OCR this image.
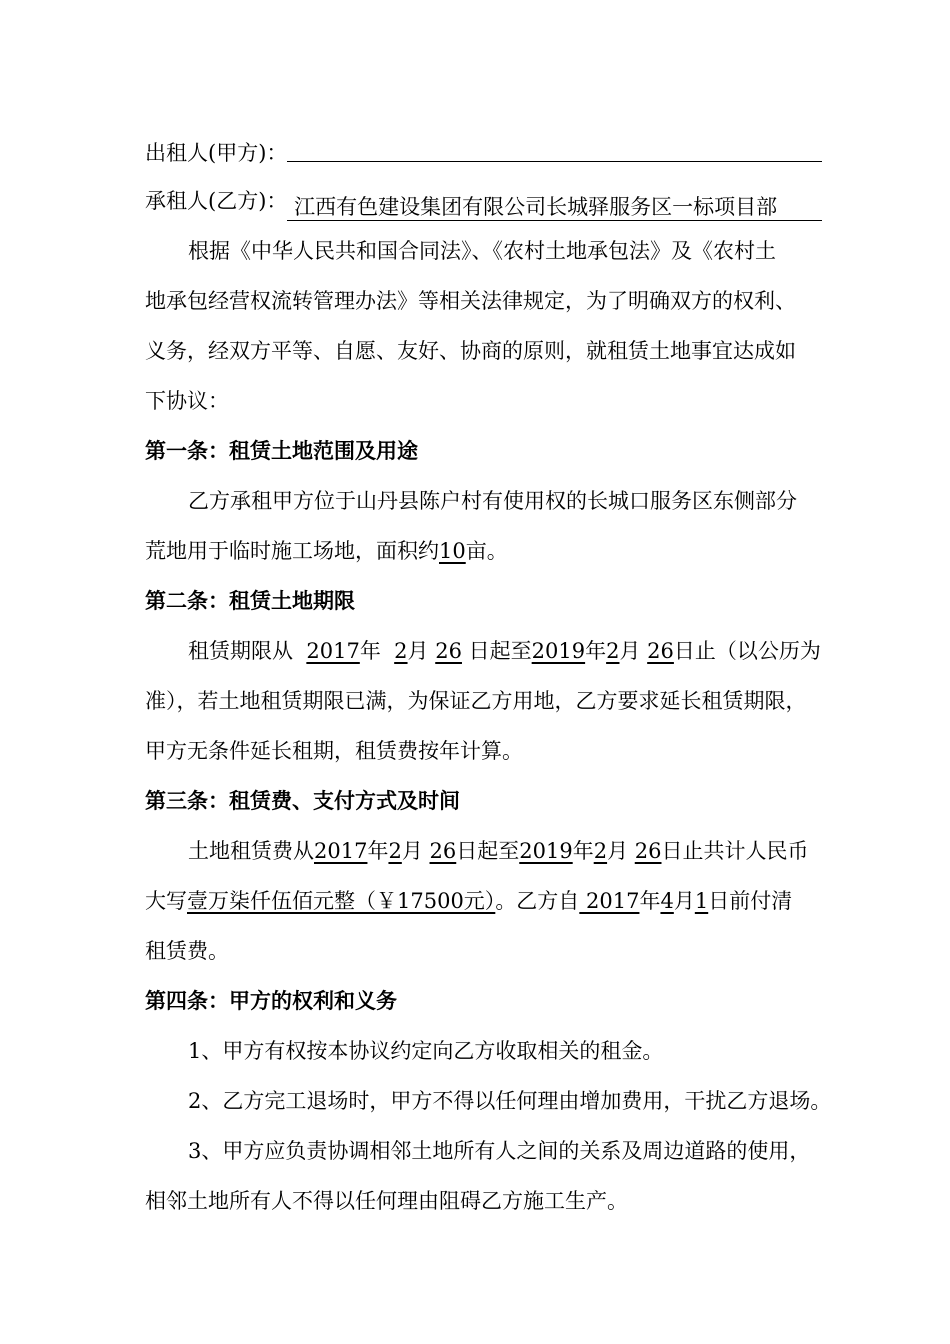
出租人(甲方)：
承租人(乙方)： 江西有色建设集团有限公司长城驿服务区一标项目部
根据《中华人民共和国合同法》、《农村土地承包法》及《农村土
地承包经营权流转管理办法》等相关法律规定，为了明确双方的权利、
义务，经双方平等、自愿、友好、协商的原则，就租赁土地事宜达成如
下协议：
第一条：租赁土地范围及用途
乙方承租甲方位于山丹县陈户村有使用权的长城口服务区东侧部分
荒地用于临时施工场地，面积约10亩。
第二条：租赁土地期限
租赁期限从 2017年 2月 26 日起至2019年2月 26日止（以公历为
准），若土地租赁期限已满，为保证乙方用地，乙方要求延长租赁期限，
甲方无条件延长租期，租赁费按年计算。
第三条：租赁费、支付方式及时间
土地租赁费从2017年2月 26日起至2019年2月 26日止共计人民币
大写壹万柒仟伍佰元整（￥17500元）。乙方自 2017年4月1日前付清
租赁费。
第四条：甲方的权利和义务
1、甲方有权按本协议约定向乙方收取相关的租金。
2、乙方完工退场时，甲方不得以任何理由增加费用，干扰乙方退场。
3、甲方应负责协调相邻土地所有人之间的关系及周边道路的使用，
相邻土地所有人不得以任何理由阻碍乙方施工生产。
